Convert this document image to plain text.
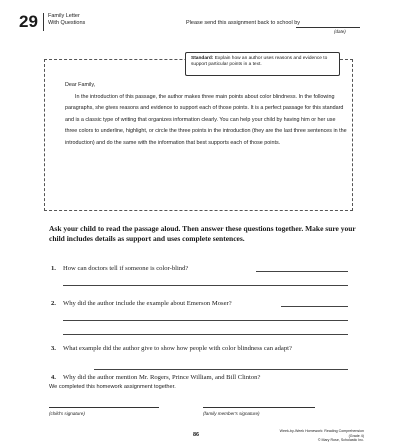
29 Family Letter
With Questions	Please send this assignment back to school by
(date)
Standard: Explain how an author uses reasons and evidence to support particular points in a text.

Dear Family,

In the introduction of this passage, the author makes three main points about color blindness. In the following paragraphs, she gives reasons and evidence to support each of those points. It is a perfect passage for this standard and is a classic type of writing that organizes information clearly. You can help your child by having him or her use three colors to underline, highlight, or circle the three points in the introduction (they are the last three sentences in the introduction) and do the same with the information that best supports each of those points.

Ask your child to read the passage aloud. Then answer these questions together. Make sure your child includes details as support and uses complete sentences.
1. How can doctors tell if someone is color-blind?
2. Why did the author include the example about Emerson Moser?
3. What example did the author give to show how people with color blindness can adapt?
4. Why did the author mention Mr. Rogers, Prince William, and Bill Clinton?
We completed this homework assignment together.
(child's signature)	(family member's signature)
86
Week-by-Week Homework: Reading Comprehension (Grade 4)
© Mary Rose, Scholastic Inc.
